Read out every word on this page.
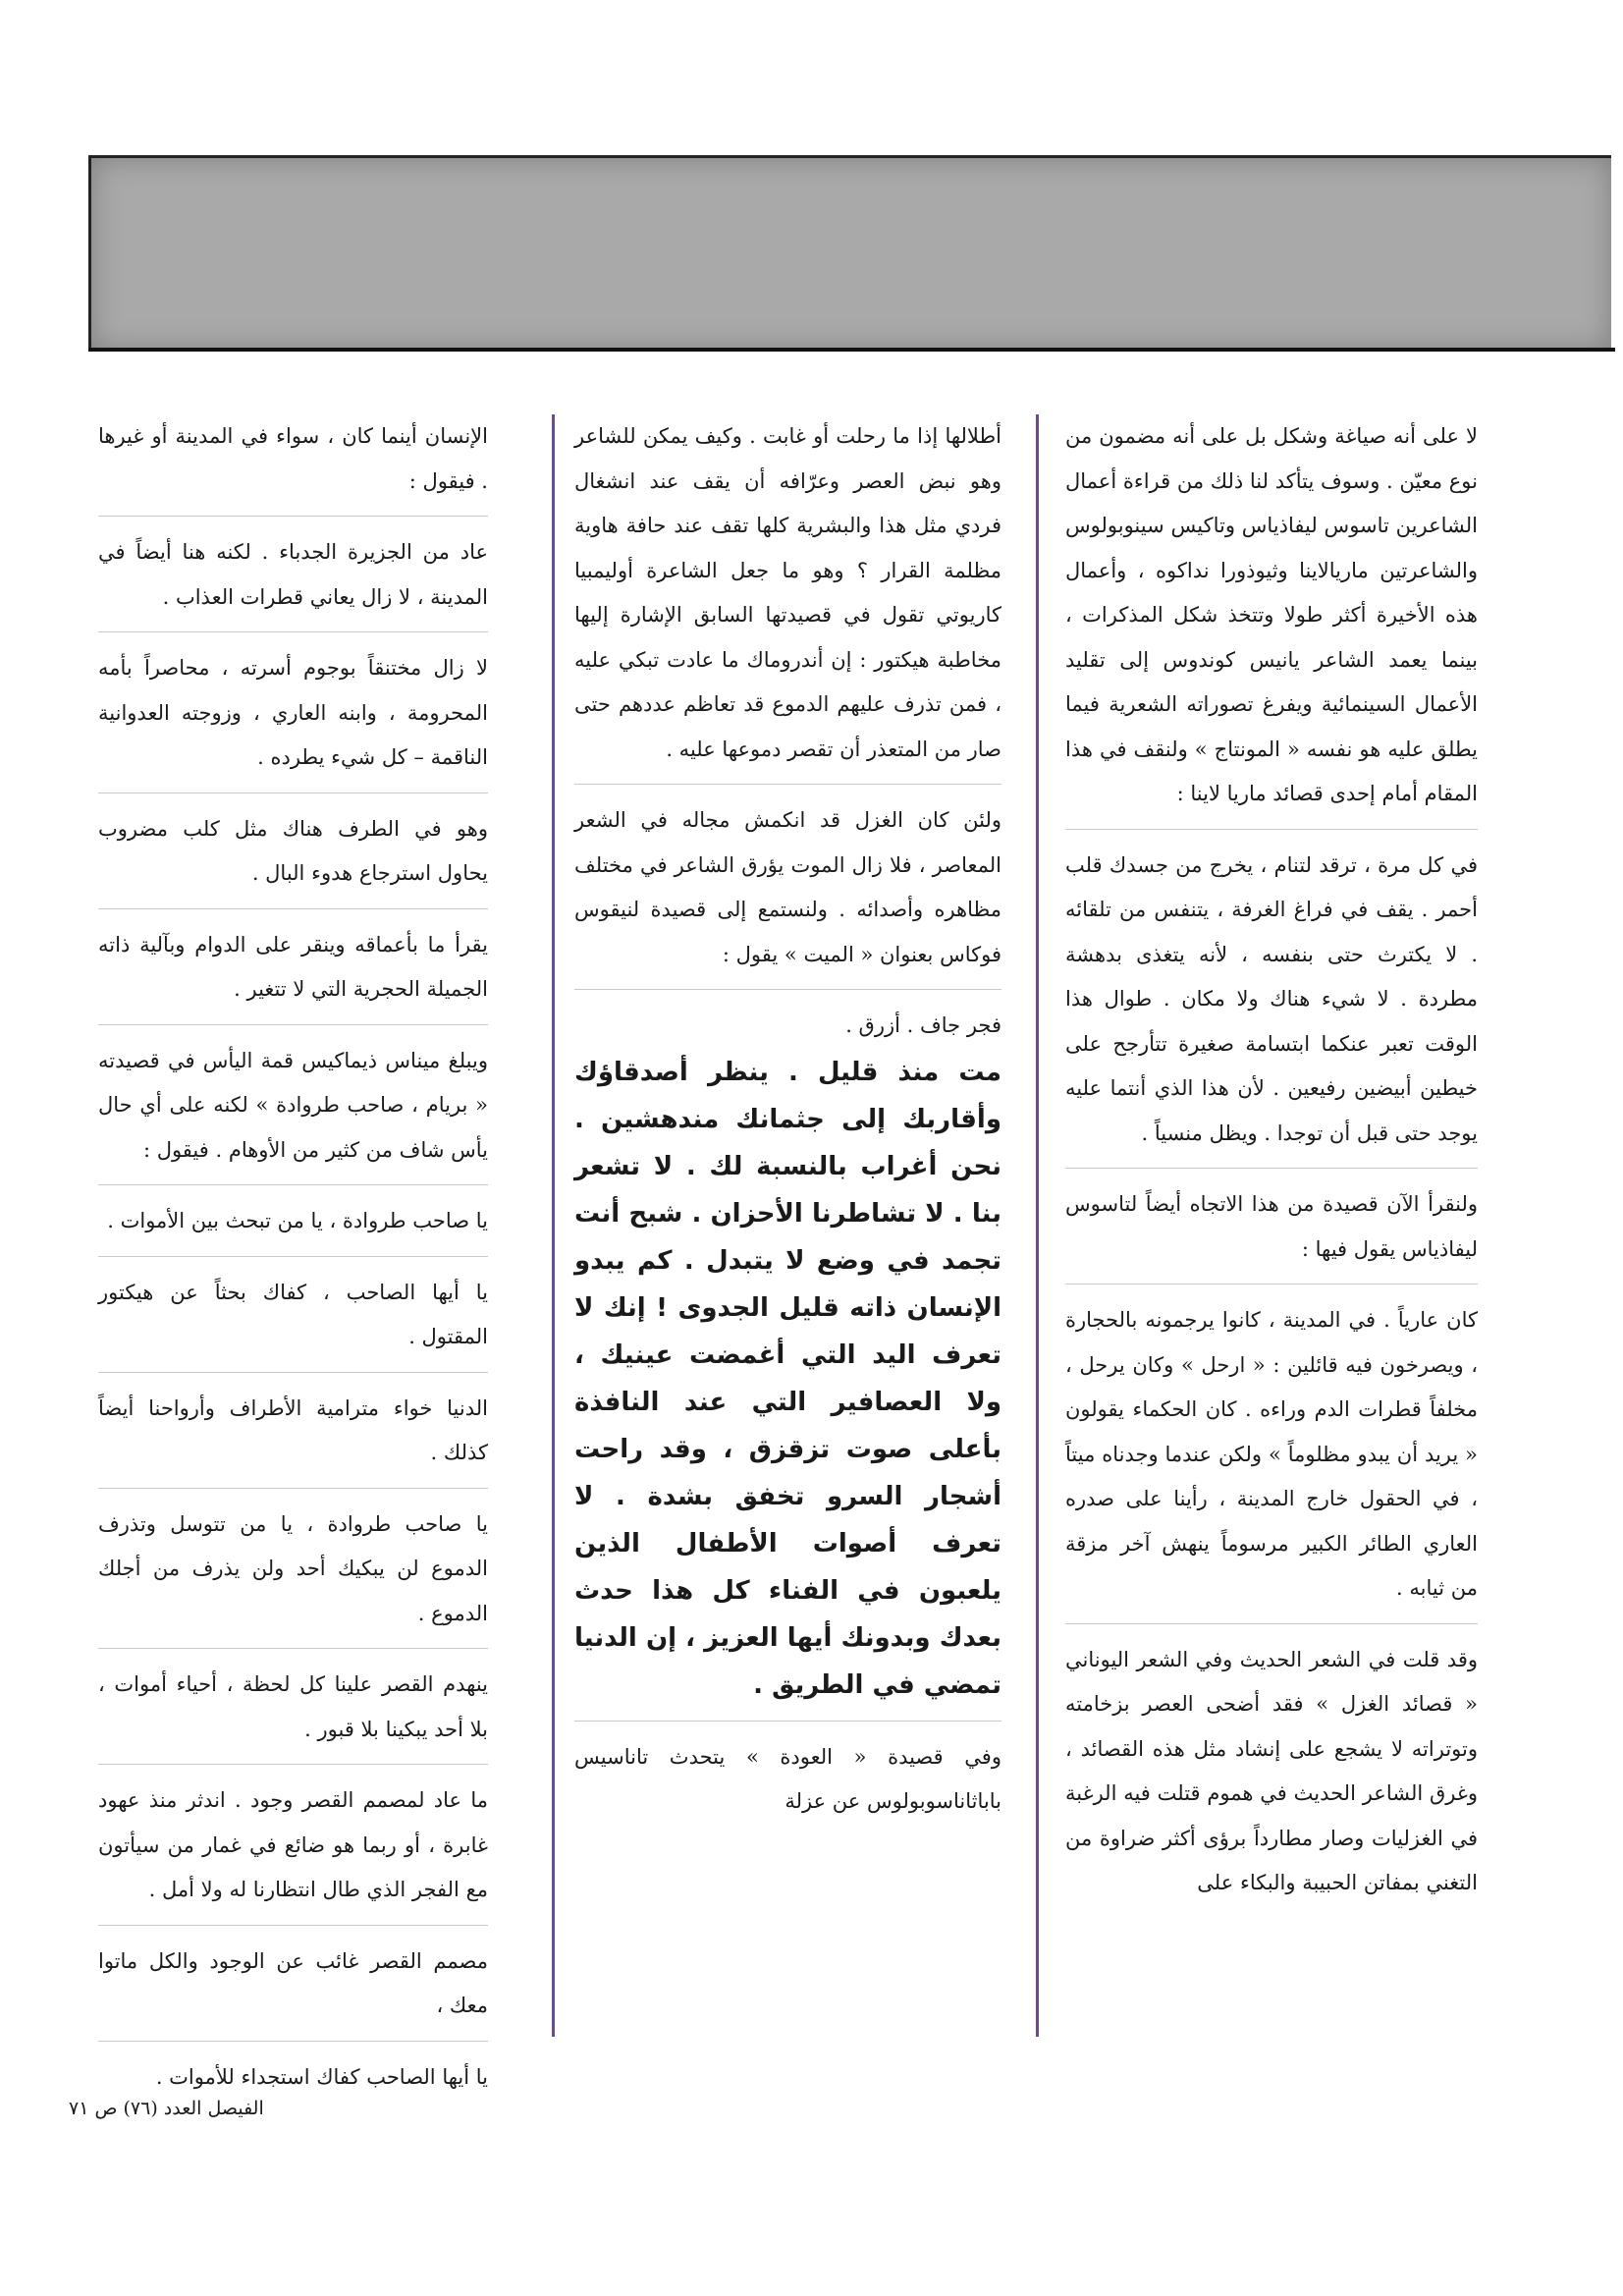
لا على أنه صياغة وشكل بل على أنه مضمون من نوع معيّن . وسوف يتأكد لنا ذلك من قراءة أعمال الشاعرين تاسوس ليفاذياس وتاكيس سينوبولوس والشاعرتين ماريالاينا وثيوذورا نداكوه ، وأعمال هذه الأخيرة أكثر طولا وتتخذ شكل المذكرات ، بينما يعمد الشاعر يانيس كوندوس إلى تقليد الأعمال السينمائية ويفرغ تصوراته الشعرية فيما يطلق عليه هو نفسه « المونتاج » ولنقف في هذا المقام أمام إحدى قصائد ماريا لاينا :

في كل مرة ، ترقد لتنام ، يخرج من جسدك قلب أحمر . يقف في فراغ الغرفة ، يتنفس من تلقائه . لا يكترث حتى بنفسه ، لأنه يتغذى بدهشة مطردة . لا شيء هناك ولا مكان . طوال هذا الوقت تعبر عنكما ابتسامة صغيرة تتأرجح على خيطين أبيضين رفيعين . لأن هذا الذي أنتما عليه يوجد حتى قبل أن توجدا . ويظل منسياً .

ولنقرأ الآن قصيدة من هذا الاتجاه أيضاً لتاسوس ليفاذياس يقول فيها :

كان عارياً . في المدينة ، كانوا يرجمونه بالحجارة ، ويصرخون فيه قائلين : « ارحل » وكان يرحل ، مخلفاً قطرات الدم وراءه . كان الحكماء يقولون « يريد أن يبدو مظلوماً » ولكن عندما وجدناه ميتاً ، في الحقول خارج المدينة ، رأينا على صدره العاري الطائر الكبير مرسوماً ينهش آخر مزقة من ثيابه .

وقد قلت في الشعر الحديث وفي الشعر اليوناني « قصائد الغزل » فقد أضحى العصر بزخامته وتوتراته لا يشجع على إنشاد مثل هذه القصائد ، وغرق الشاعر الحديث في هموم قتلت فيه الرغبة في الغزليات وصار مطارداً برؤى أكثر ضراوة من التغني بمفاتن الحبيبة والبكاء على

أطلالها إذا ما رحلت أو غابت . وكيف يمكن للشاعر وهو نبض العصر وعرّافه أن يقف عند انشغال فردي مثل هذا والبشرية كلها تقف عند حافة هاوية مظلمة القرار ؟ وهو ما جعل الشاعرة أوليمبيا كاريوتي تقول في قصيدتها السابق الإشارة إليها مخاطبة هيكتور : إن أندروماك ما عادت تبكي عليه ، فمن تذرف عليهم الدموع قد تعاظم عددهم حتى صار من المتعذر أن تقصر دموعها عليه .

ولئن كان الغزل قد انكمش مجاله في الشعر المعاصر ، فلا زال الموت يؤرق الشاعر في مختلف مظاهره وأصدائه . ولنستمع إلى قصيدة لنيقوس فوكاس بعنوان « الميت » يقول :

فجر جاف . أزرق .

مت منذ قليل . ينظر أصدقاؤك وأقاربك إلى جثمانك مندهشين . نحن أغراب بالنسبة لك . لا تشعر بنا . لا تشاطرنا الأحزان . شبح أنت تجمد في وضع لا يتبدل . كم يبدو الإنسان ذاته قليل الجدوى ! إنك لا تعرف اليد التي أغمضت عينيك ، ولا العصافير التي عند النافذة بأعلى صوت تزقزق ، وقد راحت أشجار السرو تخفق بشدة . لا تعرف أصوات الأطفال الذين يلعبون في الفناء كل هذا حدث بعدك وبدونك أيها العزيز ، إن الدنيا تمضي في الطريق .

وفي قصيدة « العودة » يتحدث تاناسيس باباثاناسوبولوس عن عزلة

الإنسان أينما كان ، سواء في المدينة أو غيرها . فيقول :

عاد من الجزيرة الجدباء . لكنه هنا أيضاً في المدينة ، لا زال يعاني قطرات العذاب .

لا زال مختنقاً بوجوم أسرته ، محاصراً بأمه المحرومة ، وابنه العاري ، وزوجته العدوانية الناقمة – كل شيء يطرده .

وهو في الطرف هناك مثل كلب مضروب يحاول استرجاع هدوء البال .

يقرأ ما بأعماقه وينقر على الدوام وبآلية ذاته الجميلة الحجرية التي لا تتغير .

ويبلغ ميناس ذيماكيس قمة اليأس في قصيدته « بريام ، صاحب طروادة » لكنه على أي حال يأس شاف من كثير من الأوهام . فيقول :

يا صاحب طروادة ، يا من تبحث بين الأموات .

يا أيها الصاحب ، كفاك بحثاً عن هيكتور المقتول .

الدنيا خواء مترامية الأطراف وأرواحنا أيضاً كذلك .

يا صاحب طروادة ، يا من تتوسل وتذرف الدموع لن يبكيك أحد ولن يذرف من أجلك الدموع .

ينهدم القصر علينا كل لحظة ، أحياء أموات ، بلا أحد يبكينا بلا قبور .

ما عاد لمصمم القصر وجود . اندثر منذ عهود غابرة ، أو ربما هو ضائع في غمار من سيأتون مع الفجر الذي طال انتظارنا له ولا أمل .

مصمم القصر غائب عن الوجود والكل ماتوا معك ،

يا أيها الصاحب كفاك استجداء للأموات .

الفيصل العدد (٧٦) ص ٧١
